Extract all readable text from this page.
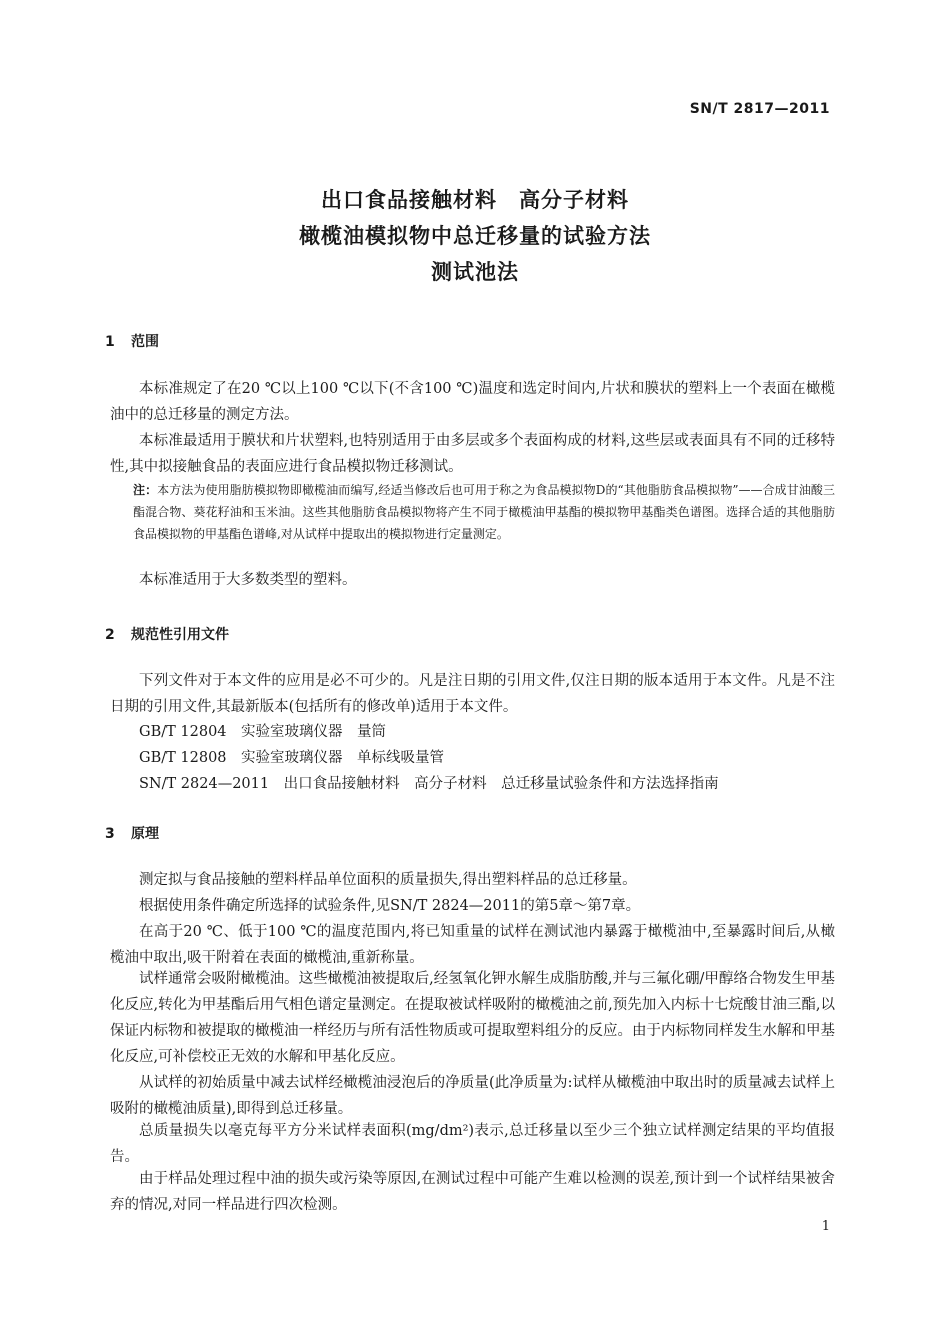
SN/T 2817—2011
出口食品接触材料　高分子材料
橄榄油模拟物中总迁移量的试验方法
测试池法
1 范围
本标准规定了在20 ℃以上100 ℃以下(不含100 ℃)温度和选定时间内,片状和膜状的塑料上一个表面在橄榄油中的总迁移量的测定方法。
本标准最适用于膜状和片状塑料,也特别适用于由多层或多个表面构成的材料,这些层或表面具有不同的迁移特性,其中拟接触食品的表面应进行食品模拟物迁移测试。
注：本方法为使用脂肪模拟物即橄榄油而编写,经适当修改后也可用于称之为食品模拟物D的“其他脂肪食品模拟物”——合成甘油酸三酯混合物、葵花籽油和玉米油。这些其他脂肪食品模拟物将产生不同于橄榄油甲基酯的模拟物甲基酯类色谱图。选择合适的其他脂肪食品模拟物的甲基酯色谱峰,对从试样中提取出的模拟物进行定量测定。
本标准适用于大多数类型的塑料。
2 规范性引用文件
下列文件对于本文件的应用是必不可少的。凡是注日期的引用文件,仅注日期的版本适用于本文件。凡是不注日期的引用文件,其最新版本(包括所有的修改单)适用于本文件。
GB/T 12804　实验室玻璃仪器　量筒
GB/T 12808　实验室玻璃仪器　单标线吸量管
SN/T 2824—2011　出口食品接触材料　高分子材料　总迁移量试验条件和方法选择指南
3 原理
测定拟与食品接触的塑料样品单位面积的质量损失,得出塑料样品的总迁移量。
根据使用条件确定所选择的试验条件,见SN/T 2824—2011的第5章～第7章。
在高于20 ℃、低于100 ℃的温度范围内,将已知重量的试样在测试池内暴露于橄榄油中,至暴露时间后,从橄榄油中取出,吸干附着在表面的橄榄油,重新称量。
试样通常会吸附橄榄油。这些橄榄油被提取后,经氢氧化钾水解生成脂肪酸,并与三氟化硼/甲醇络合物发生甲基化反应,转化为甲基酯后用气相色谱定量测定。在提取被试样吸附的橄榄油之前,预先加入内标十七烷酸甘油三酯,以保证内标物和被提取的橄榄油一样经历与所有活性物质或可提取塑料组分的反应。由于内标物同样发生水解和甲基化反应,可补偿校正无效的水解和甲基化反应。
从试样的初始质量中减去试样经橄榄油浸泡后的净质量(此净质量为:试样从橄榄油中取出时的质量减去试样上吸附的橄榄油质量),即得到总迁移量。
总质量损失以毫克每平方分米试样表面积(mg/dm²)表示,总迁移量以至少三个独立试样测定结果的平均值报告。
由于样品处理过程中油的损失或污染等原因,在测试过程中可能产生难以检测的误差,预计到一个试样结果被舍弃的情况,对同一样品进行四次检测。
1
